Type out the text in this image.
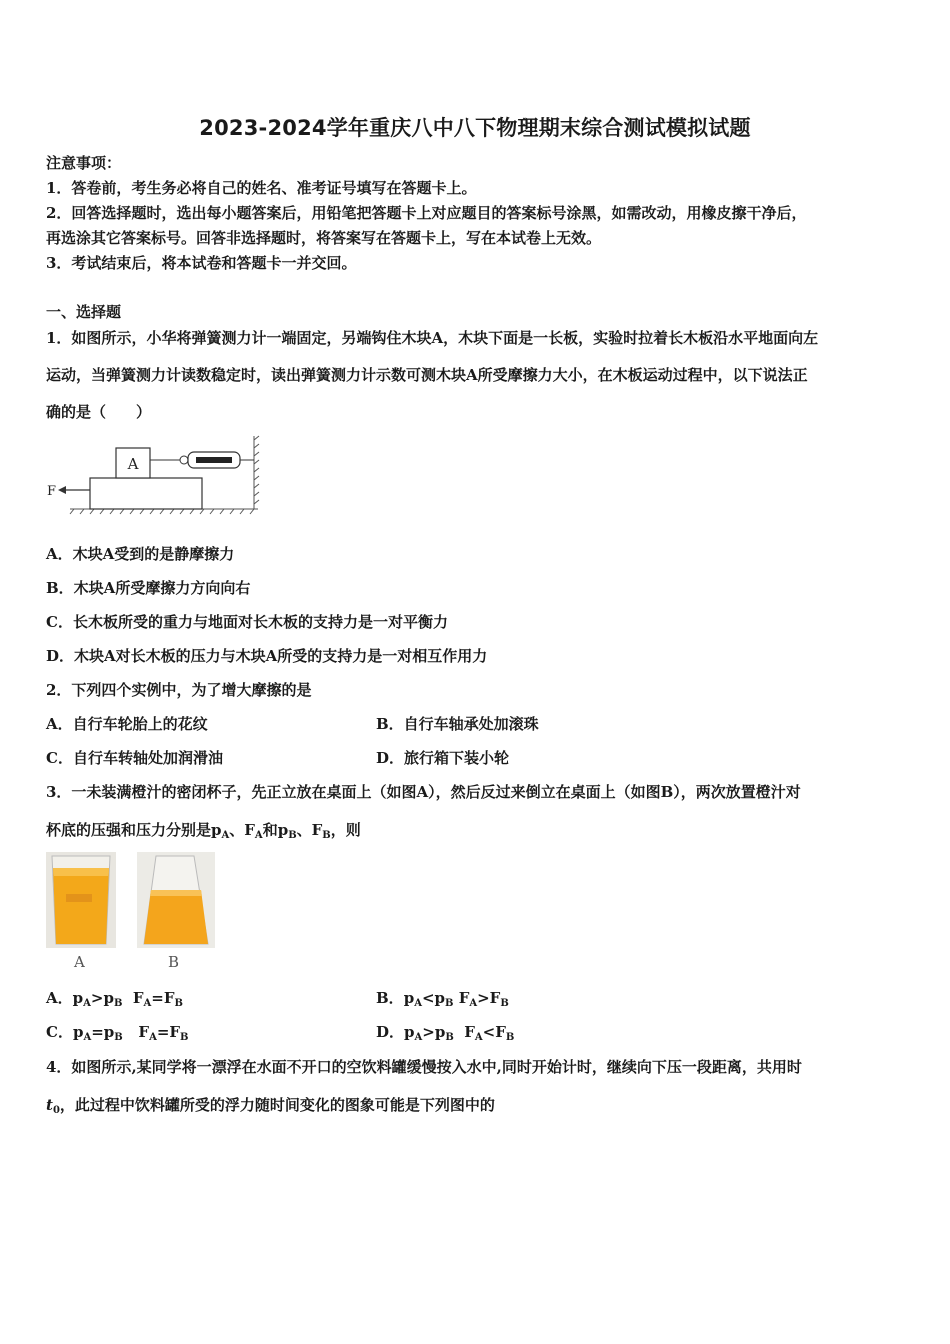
2023-2024学年重庆八中八下物理期末综合测试模拟试题
注意事项：
1．答卷前，考生务必将自己的姓名、准考证号填写在答题卡上。
2．回答选择题时，选出每小题答案后，用铅笔把答题卡上对应题目的答案标号涂黑，如需改动，用橡皮擦干净后，
再选涂其它答案标号。回答非选择题时，将答案写在答题卡上，写在本试卷上无效。
3．考试结束后，将本试卷和答题卡一并交回。
一、选择题
1．如图所示，小华将弹簧测力计一端固定，另端钩住木块A，木块下面是一长板，实验时拉着长木板沿水平地面向左
运动，当弹簧测力计读数稳定时，读出弹簧测力计示数可测木块A所受摩擦力大小，在木板运动过程中，以下说法正
确的是（　　）
A
F
A．木块A受到的是静摩擦力
B．木块A所受摩擦力方向向右
C．长木板所受的重力与地面对长木板的支持力是一对平衡力
D．木块A对长木板的压力与木块A所受的支持力是一对相互作用力
2．下列四个实例中，为了增大摩擦的是
A．自行车轮胎上的花纹	B．自行车轴承处加滚珠
C．自行车转轴处加润滑油	D．旅行箱下装小轮
3．一未装满橙汁的密闭杯子，先正立放在桌面上（如图A），然后反过来倒立在桌面上（如图B），两次放置橙汁对
杯底的压强和压力分别是$p_A$、$F_A$和$p_B$、$F_B$，则
A	B
A．$p_A>p_B$  $F_A=F_B$	B．$p_A<p_B$ $F_A>F_B$
C．$p_A=p_B$   $F_A=F_B$	D．$p_A>p_B$  $F_A<F_B$
4．如图所示,某同学将一漂浮在水面不开口的空饮料罐缓慢按入水中,同时开始计时，继续向下压一段距离，共用时
$t_0$，此过程中饮料罐所受的浮力随时间变化的图象可能是下列图中的
